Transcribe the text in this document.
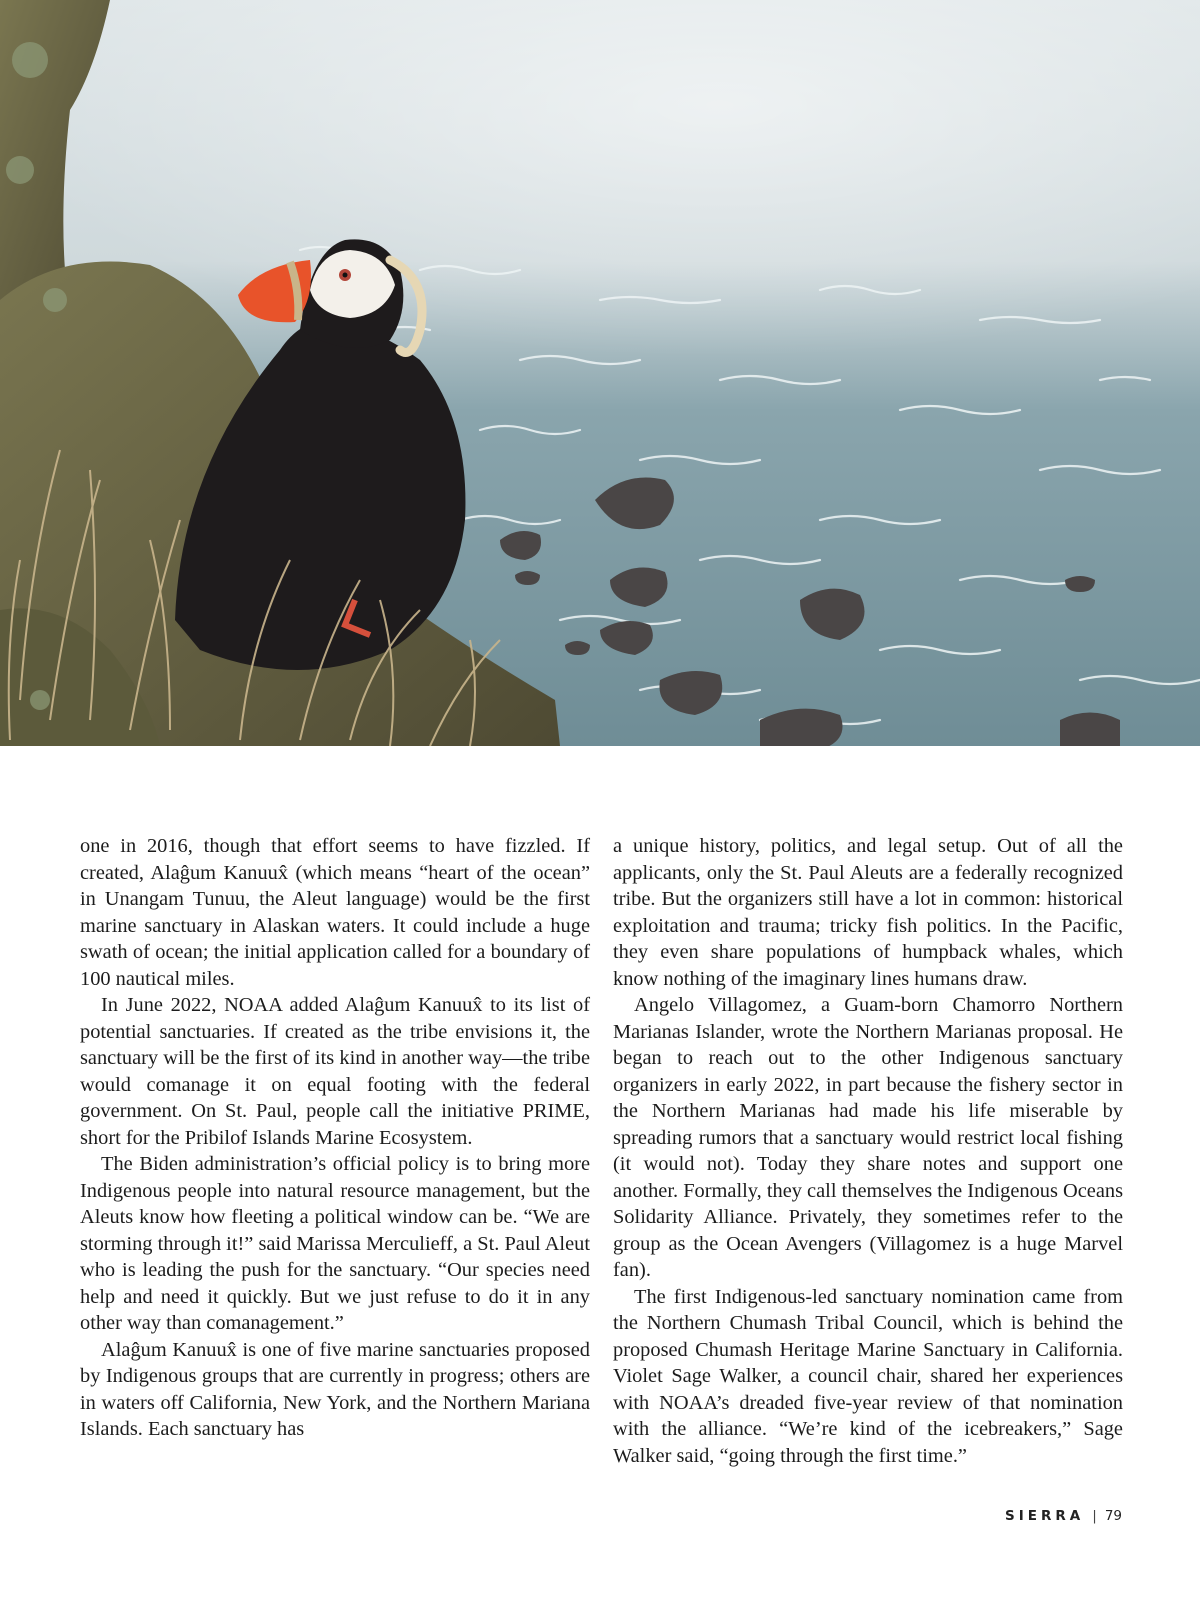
one in 2016, though that effort seems to have fizzled. If created, Alaĝum Kanuux̂ (which means “heart of the ocean” in Unangam Tunuu, the Aleut language) would be the first marine sanctuary in Alaskan waters. It could include a huge swath of ocean; the initial application called for a boundary of 100 nautical miles.

In June 2022, NOAA added Alaĝum Kanuux̂ to its list of potential sanctuaries. If created as the tribe envisions it, the sanctuary will be the first of its kind in another way—the tribe would comanage it on equal footing with the federal government. On St. Paul, people call the initiative PRIME, short for the Pribilof Islands Marine Ecosystem.

The Biden administration’s official policy is to bring more Indigenous people into natural resource management, but the Aleuts know how fleeting a political window can be. “We are storming through it!” said Marissa Merculieff, a St. Paul Aleut who is leading the push for the sanctuary. “Our species need help and need it quickly. But we just refuse to do it in any other way than comanagement.”

Alaĝum Kanuux̂ is one of five marine sanctuaries proposed by Indigenous groups that are currently in progress; others are in waters off California, New York, and the Northern Mariana Islands. Each sanctuary has

a unique history, politics, and legal setup. Out of all the applicants, only the St. Paul Aleuts are a federally recognized tribe. But the organizers still have a lot in common: historical exploitation and trauma; tricky fish politics. In the Pacific, they even share populations of humpback whales, which know nothing of the imaginary lines humans draw.

Angelo Villagomez, a Guam-born Chamorro Northern Marianas Islander, wrote the Northern Marianas proposal. He began to reach out to the other Indigenous sanctuary organizers in early 2022, in part because the fishery sector in the Northern Marianas had made his life miserable by spreading rumors that a sanctuary would restrict local fishing (it would not). Today they share notes and support one another. Formally, they call themselves the Indigenous Oceans Solidarity Alliance. Privately, they sometimes refer to the group as the Ocean Avengers (Villagomez is a huge Marvel fan).

The first Indigenous-led sanctuary nomination came from the Northern Chumash Tribal Council, which is behind the proposed Chumash Heritage Marine Sanctuary in California. Violet Sage Walker, a council chair, shared her experiences with NOAA’s dreaded five-year review of that nomination with the alliance. “We’re kind of the icebreakers,” Sage Walker said, “going through the first time.”

SIERRA | 79
